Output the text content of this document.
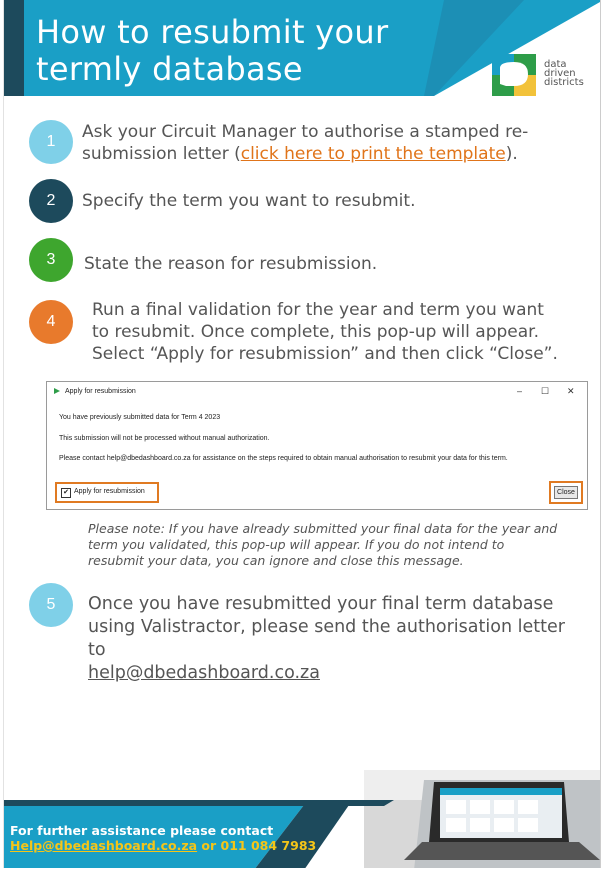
How to resubmit your termly database	data
driven
districts
1 Ask your Circuit Manager to authorise a stamped re-submission letter (click here to print the template).
2 Specify the term you want to resubmit.
3 State the reason for resubmission.
4
Run a final validation for the year and term you want to resubmit. Once complete, this pop-up will appear. Select “Apply for resubmission” and then click “Close”.
Apply for resubmission	– ☐ ✕
You have previously submitted data for Term 4 2023
This submission will not be processed without manual authorization.
Please contact help@dbedashboard.co.za for assistance on the steps required to obtain manual authorisation to resubmit your data for this term.
✔ Apply for resubmission	Close
Please note: If you have already submitted your final data for the year and term you validated, this pop-up will appear. If you do not intend to resubmit your data, you can ignore and close this message.
5 Once you have resubmitted your final term database using Valistractor, please send the authorisation letter to
help@dbedashboard.co.za
For further assistance please contact
Help@dbedashboard.co.za or 011 084 7983
